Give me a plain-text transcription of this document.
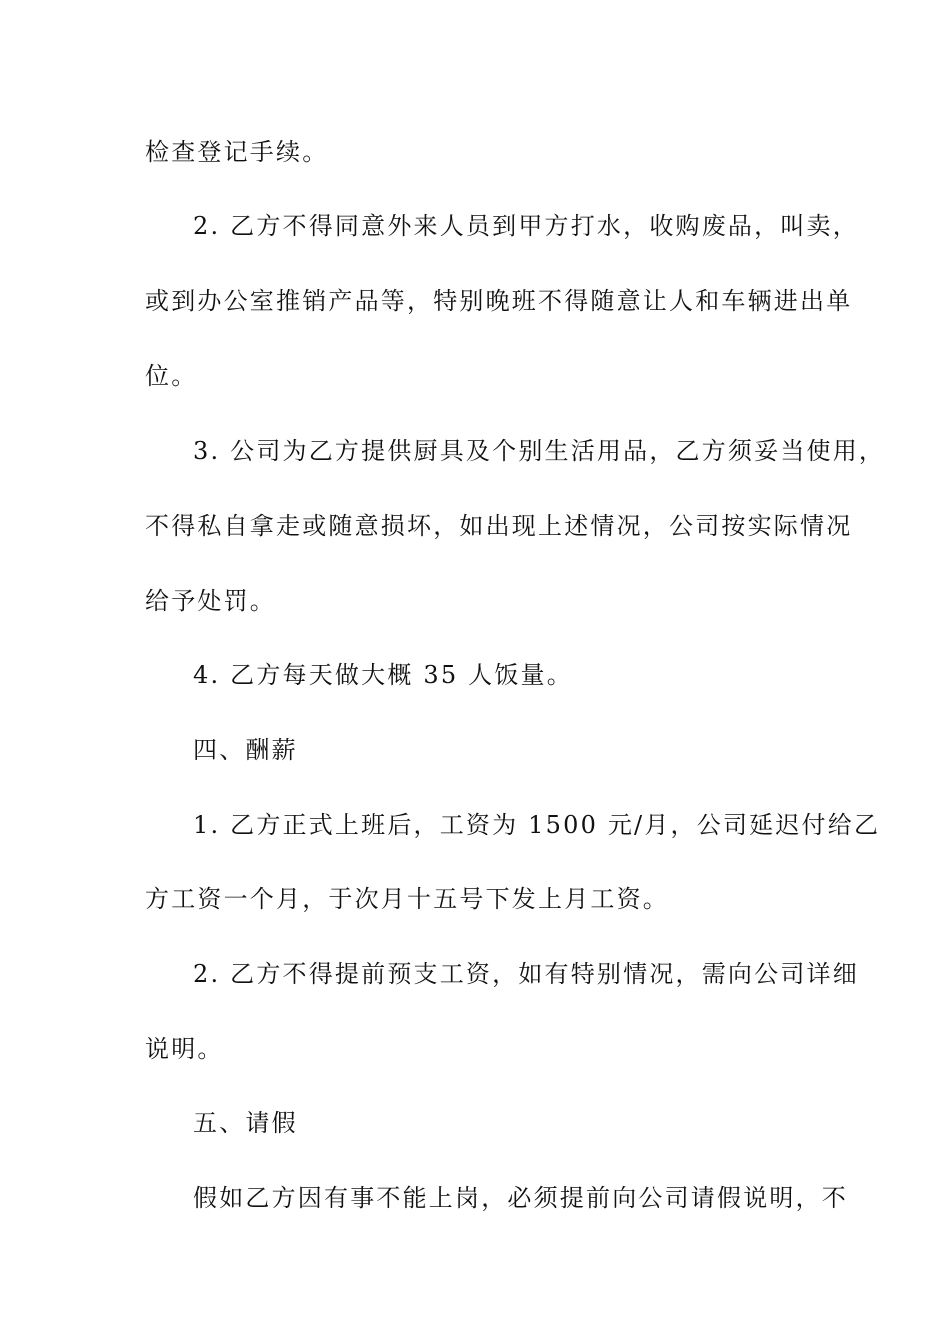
检查登记手续。
2. 乙方不得同意外来人员到甲方打水，收购废品，叫卖，
或到办公室推销产品等，特别晚班不得随意让人和车辆进出单
位。
3. 公司为乙方提供厨具及个别生活用品，乙方须妥当使用，
不得私自拿走或随意损坏，如出现上述情况，公司按实际情况
给予处罚。
4. 乙方每天做大概 35 人饭量。
四、酬薪
1. 乙方正式上班后，工资为 1500 元/月，公司延迟付给乙
方工资一个月，于次月十五号下发上月工资。
2. 乙方不得提前预支工资，如有特别情况，需向公司详细
说明。
五、请假
假如乙方因有事不能上岗，必须提前向公司请假说明，不
